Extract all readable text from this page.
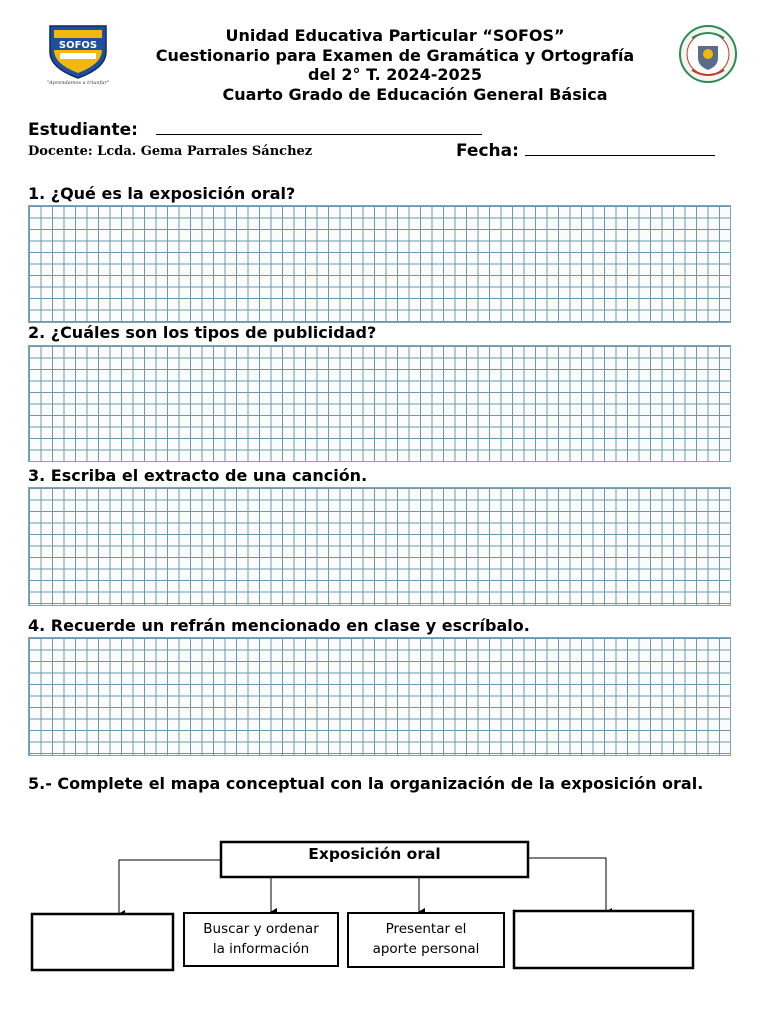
SOFOS
"Aprendamos a triunfar"
Unidad Educativa Particular “SOFOS”
Cuestionario para Examen de Gramática y Ortografía
del 2° T. 2024-2025
Cuarto Grado de Educación General Básica
Estudiante:
Docente: Lcda. Gema Parrales Sánchez	Fecha:
1. ¿Qué es la exposición oral?
2. ¿Cuáles son los tipos de publicidad?
3. Escriba el extracto de una canción.
4. Recuerde un refrán mencionado en clase y escríbalo.
5.- Complete el mapa conceptual con la organización de la exposición oral.
Exposición oral
Buscar y ordenar
la información
Presentar el
aporte personal
